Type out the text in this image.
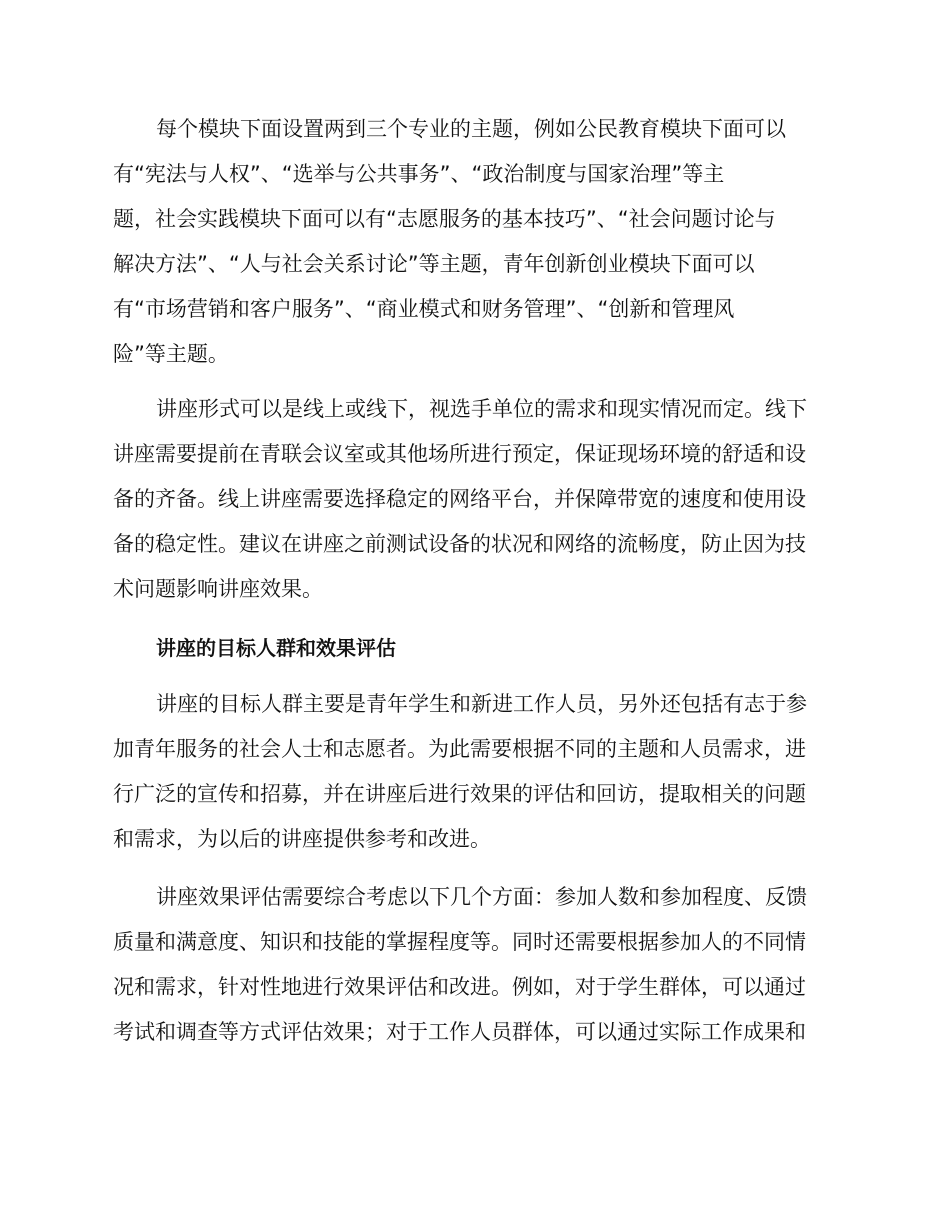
每个模块下面设置两到三个专业的主题，例如公民教育模块下面可以

有“宪法与人权”、“选举与公共事务”、“政治制度与国家治理”等主

题，社会实践模块下面可以有“志愿服务的基本技巧”、“社会问题讨论与

解决方法”、“人与社会关系讨论”等主题，青年创新创业模块下面可以

有“市场营销和客户服务”、“商业模式和财务管理”、“创新和管理风

险”等主题。

讲座形式可以是线上或线下，视选手单位的需求和现实情况而定。线下

讲座需要提前在青联会议室或其他场所进行预定，保证现场环境的舒适和设

备的齐备。线上讲座需要选择稳定的网络平台，并保障带宽的速度和使用设

备的稳定性。建议在讲座之前测试设备的状况和网络的流畅度，防止因为技

术问题影响讲座效果。

讲座的目标人群和效果评估

讲座的目标人群主要是青年学生和新进工作人员，另外还包括有志于参

加青年服务的社会人士和志愿者。为此需要根据不同的主题和人员需求，进

行广泛的宣传和招募，并在讲座后进行效果的评估和回访，提取相关的问题

和需求，为以后的讲座提供参考和改进。

讲座效果评估需要综合考虑以下几个方面：参加人数和参加程度、反馈

质量和满意度、知识和技能的掌握程度等。同时还需要根据参加人的不同情

况和需求，针对性地进行效果评估和改进。例如，对于学生群体，可以通过

考试和调查等方式评估效果；对于工作人员群体，可以通过实际工作成果和
